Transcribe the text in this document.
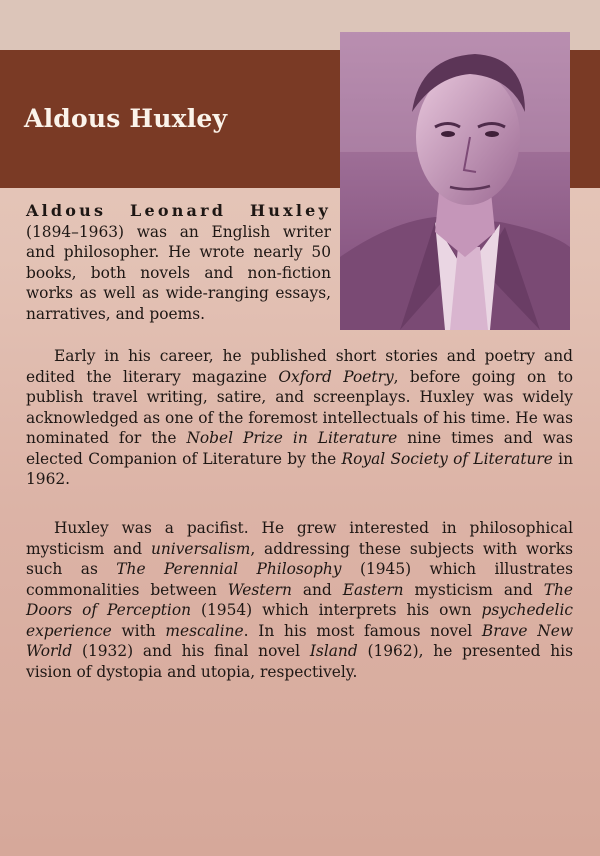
Aldous Huxley

Aldous Leonard Huxley (1894–1963) was an English writer and philosopher. He wrote nearly 50 books, both novels and non-fiction works as well as wide-ranging essays, narratives, and poems.

Early in his career, he published short stories and poetry and edited the literary magazine Oxford Poetry, before going on to publish travel writing, satire, and screenplays. Huxley was widely acknowledged as one of the foremost intellectuals of his time. He was nominated for the Nobel Prize in Literature nine times and was elected Companion of Literature by the Royal Society of Literature in 1962.

Huxley was a pacifist. He grew interested in philosophical mysticism and universalism, addressing these subjects with works such as The Perennial Philosophy (1945) which illustrates commonalities between Western and Eastern mysticism and The Doors of Perception (1954) which interprets his own psychedelic experience with mescaline. In his most famous novel Brave New World (1932) and his final novel Island (1962), he presented his vision of dystopia and utopia, respectively.
